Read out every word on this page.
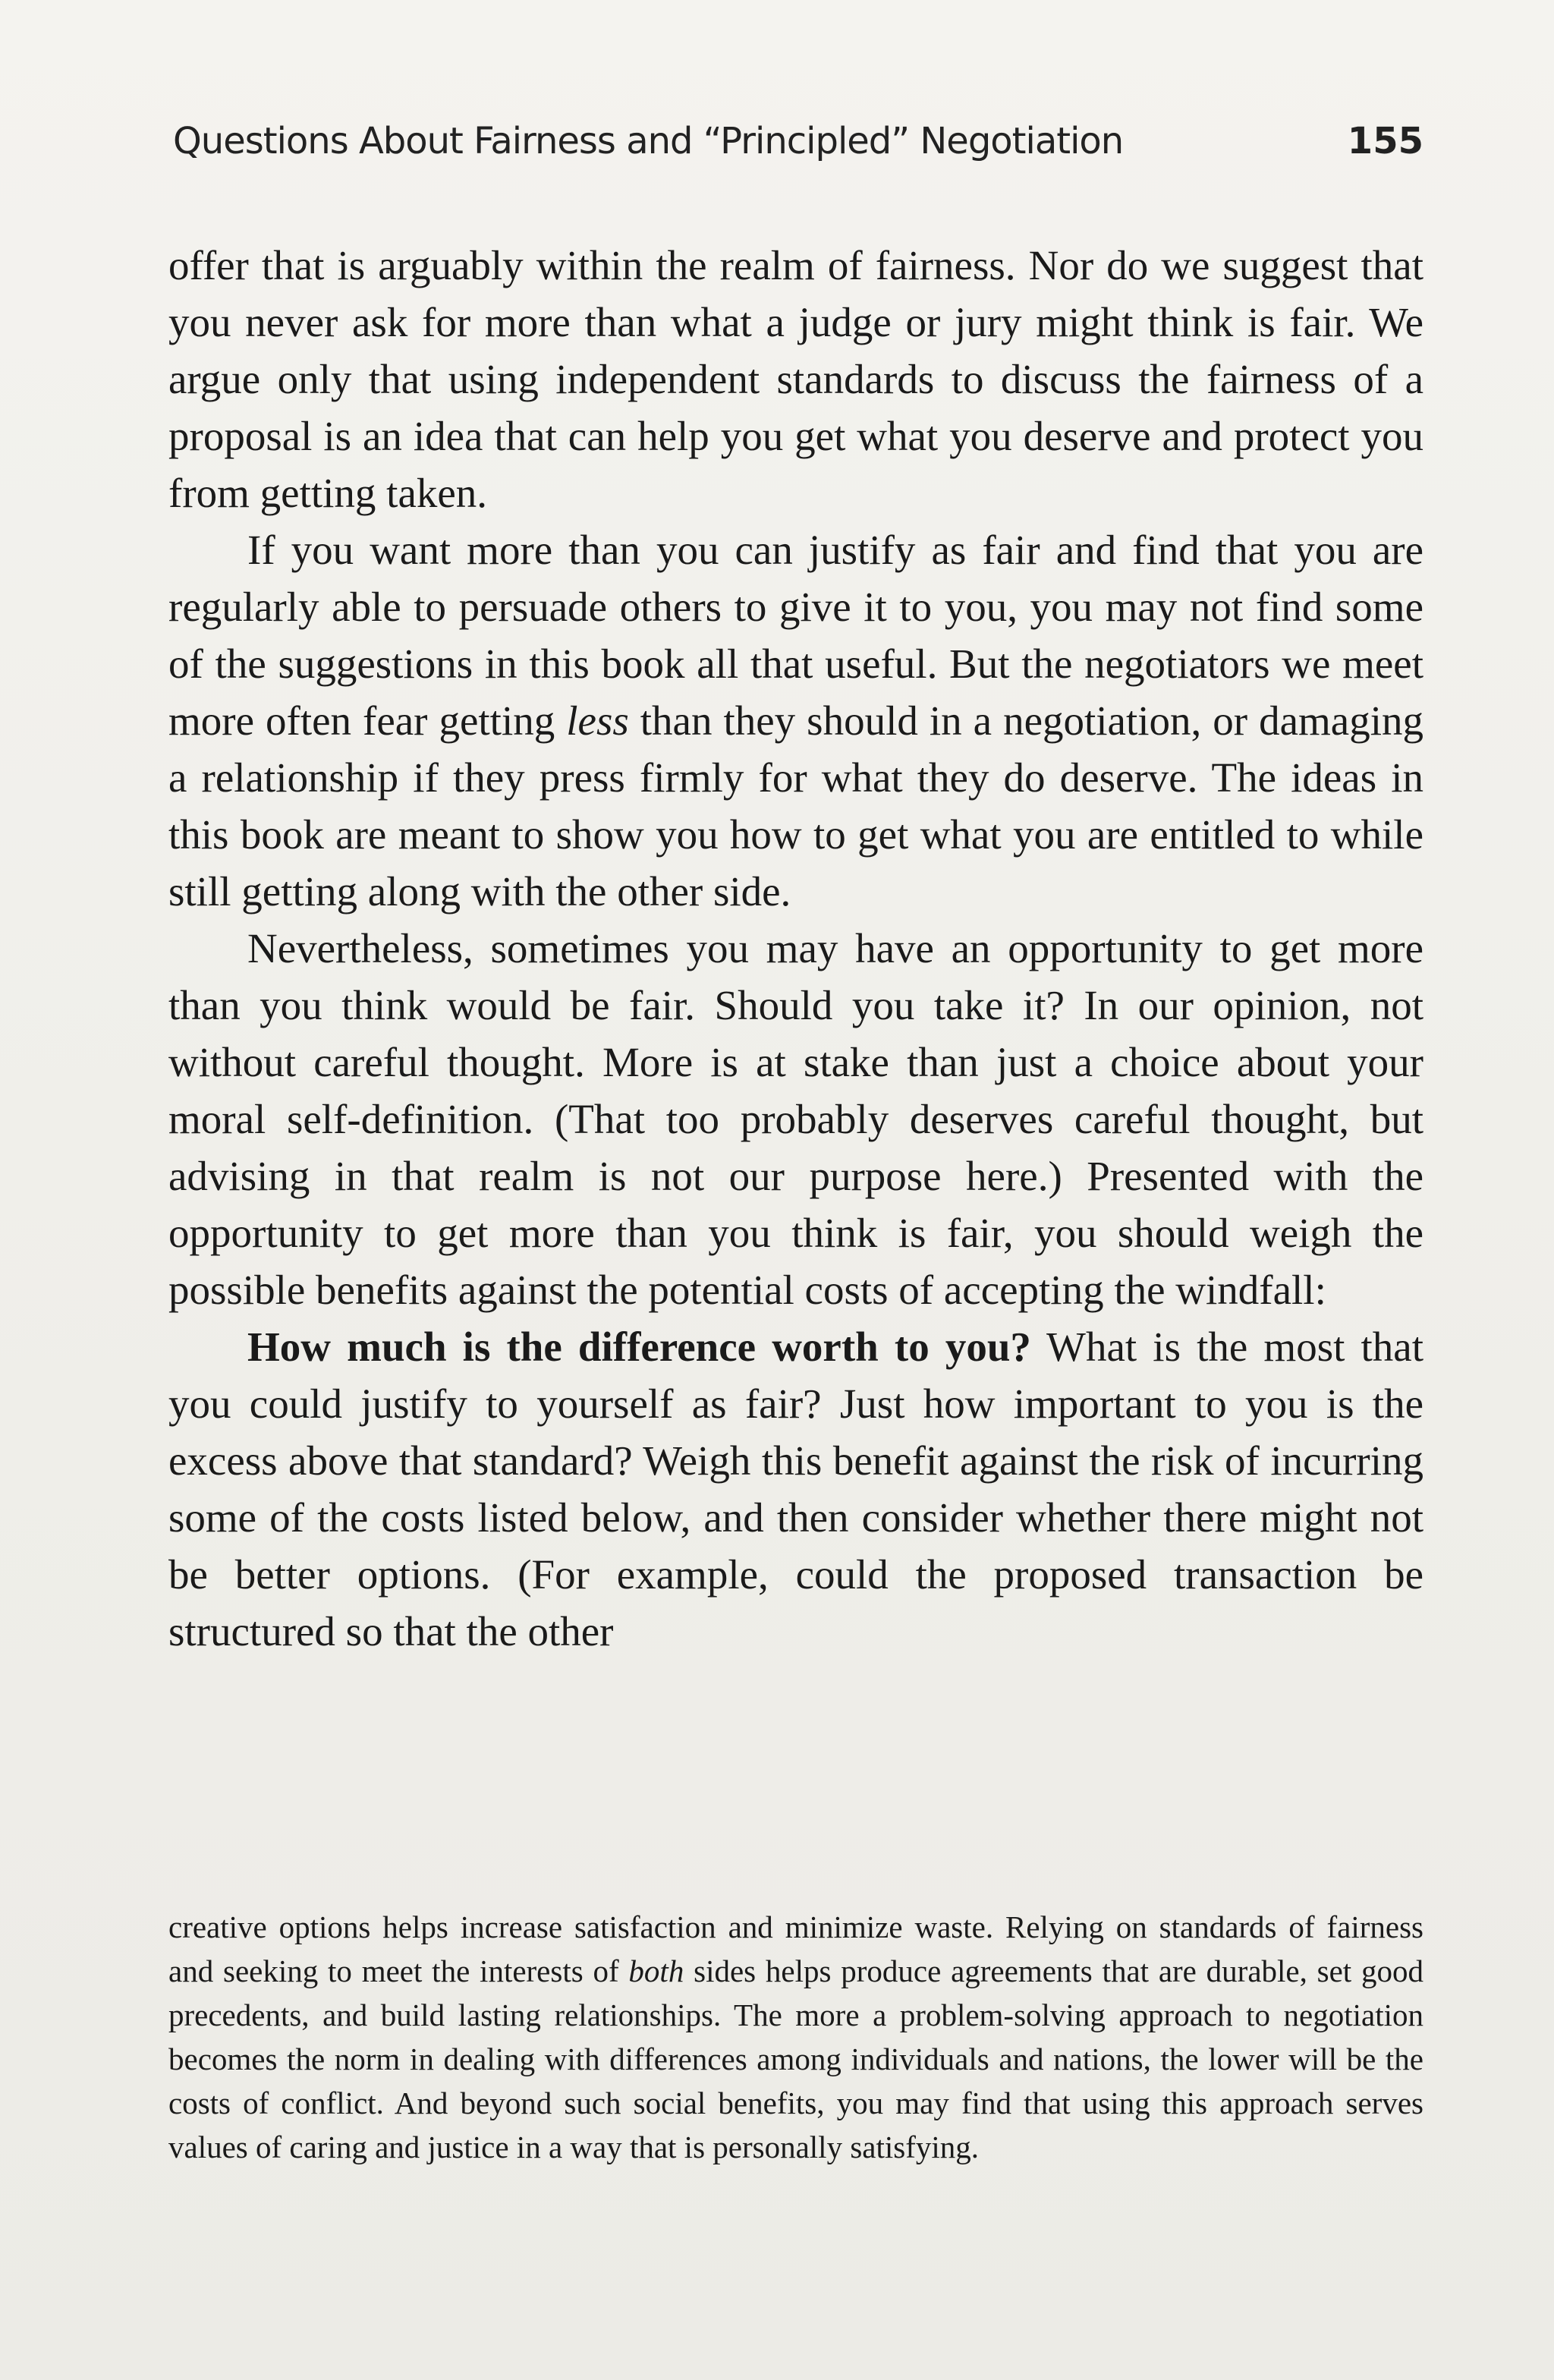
Questions About Fairness and “Principled” Negotiation	155

offer that is arguably within the realm of fairness. Nor do we suggest that you never ask for more than what a judge or jury might think is fair. We argue only that using independent standards to discuss the fairness of a proposal is an idea that can help you get what you deserve and protect you from getting taken.

If you want more than you can justify as fair and find that you are regularly able to persuade others to give it to you, you may not find some of the suggestions in this book all that useful. But the negotiators we meet more often fear getting less than they should in a negotiation, or damaging a relationship if they press firmly for what they do deserve. The ideas in this book are meant to show you how to get what you are entitled to while still getting along with the other side.

Nevertheless, sometimes you may have an opportunity to get more than you think would be fair. Should you take it? In our opinion, not without careful thought. More is at stake than just a choice about your moral self-definition. (That too probably deserves careful thought, but advising in that realm is not our purpose here.) Presented with the opportunity to get more than you think is fair, you should weigh the possible benefits against the potential costs of accepting the windfall:

How much is the difference worth to you? What is the most that you could justify to yourself as fair? Just how important to you is the excess above that standard? Weigh this benefit against the risk of incurring some of the costs listed below, and then consider whether there might not be better options. (For example, could the proposed transaction be structured so that the other

creative options helps increase satisfaction and minimize waste. Relying on standards of fairness and seeking to meet the interests of both sides helps produce agreements that are durable, set good precedents, and build lasting relationships. The more a problem-solving approach to negotiation becomes the norm in dealing with differences among individuals and nations, the lower will be the costs of conflict. And beyond such social benefits, you may find that using this approach serves values of caring and justice in a way that is personally satisfying.
